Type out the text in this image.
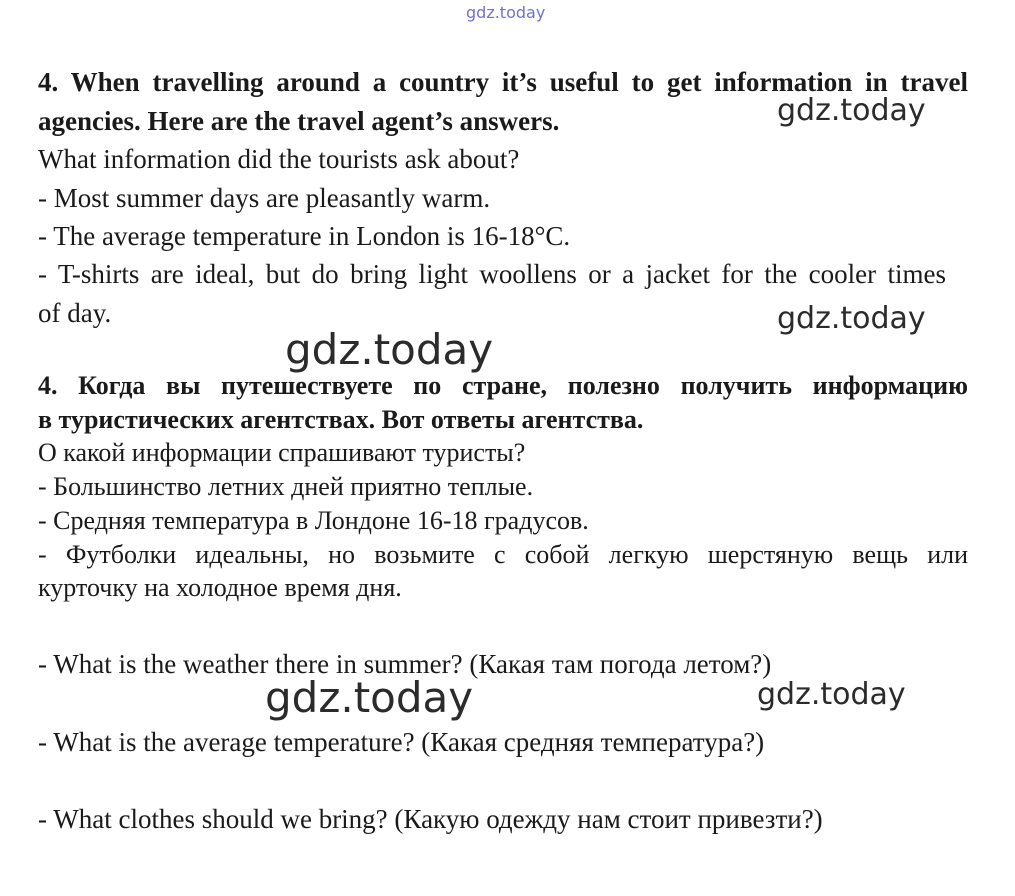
gdz.today
gdz.today
gdz.today
gdz.today
gdz.today	gdz.today
4. When travelling around a country it’s useful to get information in travel
agencies. Here are the travel agent’s answers.
What information did the tourists ask about?
- Most summer days are pleasantly warm.
- The average temperature in London is 16-18°C.
- T-shirts are ideal, but do bring light woollens or a jacket for the cooler times
of day.
4. Когда вы путешествуете по стране, полезно получить информацию
в туристических агентствах. Вот ответы агентства.
О какой информации спрашивают туристы?
- Большинство летних дней приятно теплые.
- Средняя температура в Лондоне 16-18 градусов.
- Футболки идеальны, но возьмите с собой легкую шерстяную вещь или
курточку на холодное время дня.
- What is the weather there in summer? (Какая там погода летом?)
- What is the average temperature? (Какая средняя температура?)
- What clothes should we bring? (Какую одежду нам стоит привезти?)
